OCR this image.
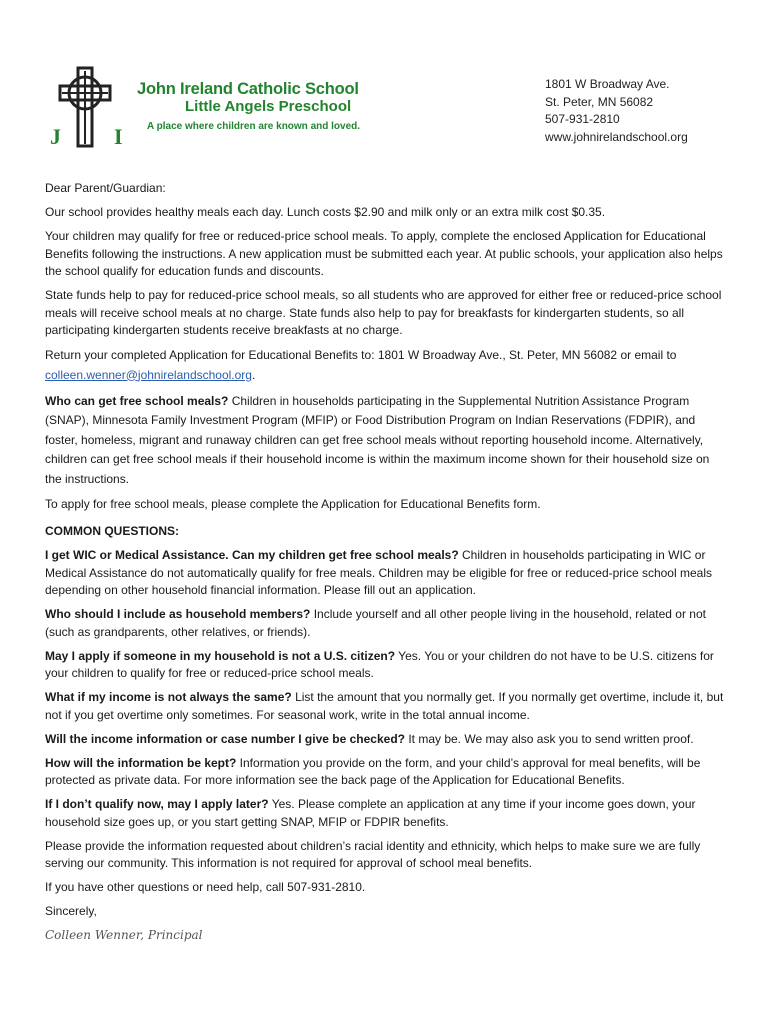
J I
John Ireland Catholic School
Little Angels Preschool
A place where children are known and loved.
1801 W Broadway Ave.
St. Peter, MN 56082
507-931-2810
www.johnirelandschool.org

Dear Parent/Guardian:

Our school provides healthy meals each day. Lunch costs $2.90 and milk only or an extra milk cost $0.35.

Your children may qualify for free or reduced-price school meals. To apply, complete the enclosed Application for Educational Benefits following the instructions. A new application must be submitted each year. At public schools, your application also helps the school qualify for education funds and discounts.

State funds help to pay for reduced-price school meals, so all students who are approved for either free or reduced-price school meals will receive school meals at no charge. State funds also help to pay for breakfasts for kindergarten students, so all participating kindergarten students receive breakfasts at no charge.

Return your completed Application for Educational Benefits to: 1801 W Broadway Ave., St. Peter, MN 56082 or email to colleen.wenner@johnirelandschool.org.

Who can get free school meals? Children in households participating in the Supplemental Nutrition Assistance Program (SNAP), Minnesota Family Investment Program (MFIP) or Food Distribution Program on Indian Reservations (FDPIR), and foster, homeless, migrant and runaway children can get free school meals without reporting household income. Alternatively, children can get free school meals if their household income is within the maximum income shown for their household size on the instructions.

To apply for free school meals, please complete the Application for Educational Benefits form.

COMMON QUESTIONS:

I get WIC or Medical Assistance. Can my children get free school meals? Children in households participating in WIC or Medical Assistance do not automatically qualify for free meals. Children may be eligible for free or reduced-price school meals depending on other household financial information. Please fill out an application.

Who should I include as household members? Include yourself and all other people living in the household, related or not (such as grandparents, other relatives, or friends).

May I apply if someone in my household is not a U.S. citizen? Yes. You or your children do not have to be U.S. citizens for your children to qualify for free or reduced-price school meals.

What if my income is not always the same? List the amount that you normally get. If you normally get overtime, include it, but not if you get overtime only sometimes. For seasonal work, write in the total annual income.

Will the income information or case number I give be checked? It may be. We may also ask you to send written proof.

How will the information be kept? Information you provide on the form, and your child’s approval for meal benefits, will be protected as private data. For more information see the back page of the Application for Educational Benefits.

If I don’t qualify now, may I apply later? Yes. Please complete an application at any time if your income goes down, your household size goes up, or you start getting SNAP, MFIP or FDPIR benefits.

Please provide the information requested about children’s racial identity and ethnicity, which helps to make sure we are fully serving our community. This information is not required for approval of school meal benefits.

If you have other questions or need help, call 507-931-2810.

Sincerely,

Colleen Wenner, Principal
